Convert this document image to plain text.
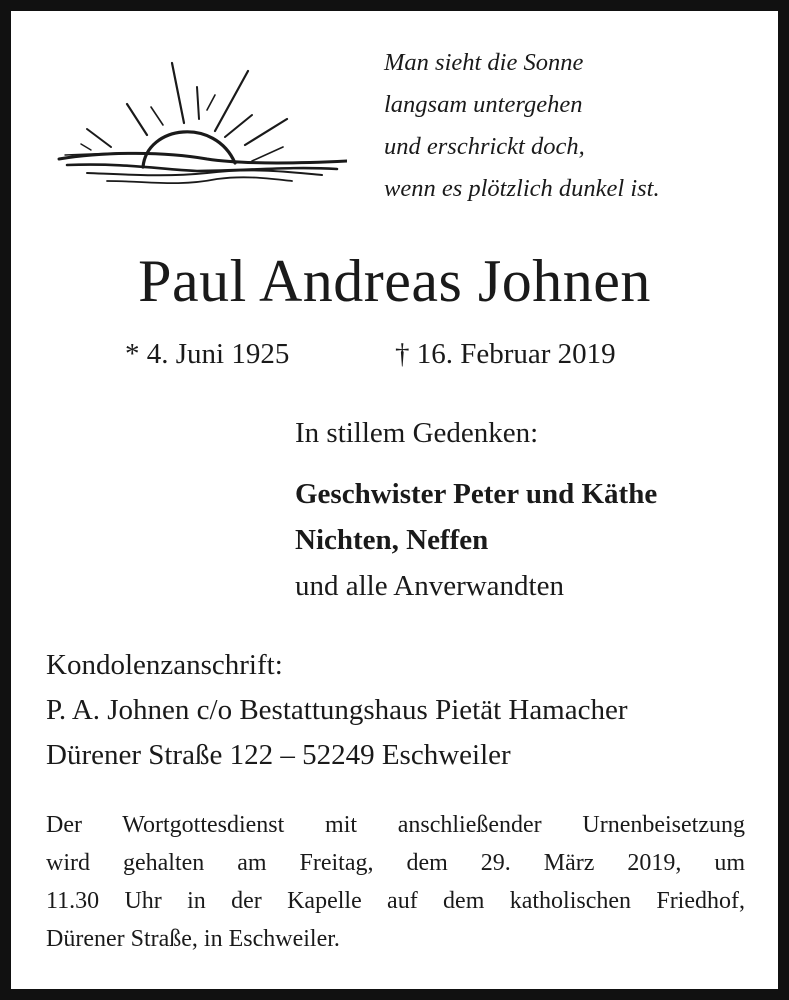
Man sieht die Sonne
langsam untergehen
und erschrickt doch,
wenn es plötzlich dunkel ist.
Paul Andreas Johnen
* 4. Juni 1925	† 16. Februar 2019
In stillem Gedenken:
Geschwister Peter und Käthe
Nichten, Neffen
und alle Anverwandten
Kondolenzanschrift:
P. A. Johnen c/o Bestattungshaus Pietät Hamacher
Dürener Straße 122 – 52249 Eschweiler
Der Wortgottesdienst mit anschließender Urnenbeisetzung
wird gehalten am Freitag, dem 29. März 2019, um
11.30 Uhr in der Kapelle auf dem katholischen Friedhof,
Dürener Straße, in Eschweiler.
